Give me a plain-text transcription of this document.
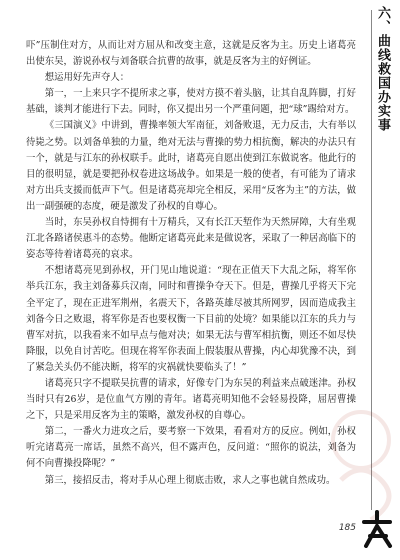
六、曲线救国办实事

吓”压制住对方，从而让对方屈从和改变主意，这就是反客为主。历史上诸葛亮出使东吴，游说孙权与刘备联合抗曹的故事，就是反客为主的好例证。

想运用好先声夺人：

第一，一上来只字不提所求之事，使对方摸不着头脑，让其自乱阵脚，打好基础，谈判才能进行下去。同时，你又提出另一个严重问题，把“球”踢给对方。

《三国演义》中讲到，曹操率领大军南征，刘备败退，无力反击，大有举以待毙之势。以刘备单独的力量，绝对无法与曹操的势力相抗衡，解决的办法只有一个，就是与江东的孙权联手。此时，诸葛亮自愿出使到江东做说客。他此行的目的很明显，就是要把孙权卷进这场战争。如果是一般的使者，有可能为了请求对方出兵支援而低声下气。但是诸葛亮却完全相反，采用“反客为主”的方法，做出一副强硬的态度，硬是激发了孙权的自尊心。

当时，东吴孙权自恃拥有十万精兵，又有长江天堑作为天然屏障，大有坐观江北各路诸侯惠斗的态势。他断定诸葛亮此来是做说客，采取了一种居高临下的姿态等待着诸葛亮的哀求。

不想诸葛亮见到孙权，开门见山地说道：“现在正值天下大乱之际，将军你举兵江东，我主刘备募兵汉南，同时和曹操争夺天下。但是，曹操几乎将天下完全平定了，现在正进军荆州，名震天下，各路英雄尽被其所网罗，因而造成我主刘备今日之败退，将军你是否也要权衡一下目前的处境？如果能以江东的兵力与曹军对抗，以我看来不如早点与他对决；如果无法与曹军相抗衡，则还不如尽快降服，以免自讨苦吃。但现在将军你表面上假装服从曹操，内心却犹豫不决，到了紧急关头仍不能决断，将军的灾祸就快要临头了！”

诸葛亮只字不提联吴抗曹的请求，好像专门为东吴的利益来点破迷津。孙权当时只有26岁，是位血气方刚的青年。诸葛亮明知他不会轻易投降，屈居曹操之下，只是采用反客为主的策略，激发孙权的自尊心。

第二，一番火力进攻之后，要考察一下效果，看看对方的反应。例如，孙权听完诸葛亮一席话，虽然不高兴，但不露声色，反问道：“照你的说法，刘备为何不向曹操投降呢？”

第三，接招反击，将对手从心理上彻底击败，求人之事也就自然成功。

185
